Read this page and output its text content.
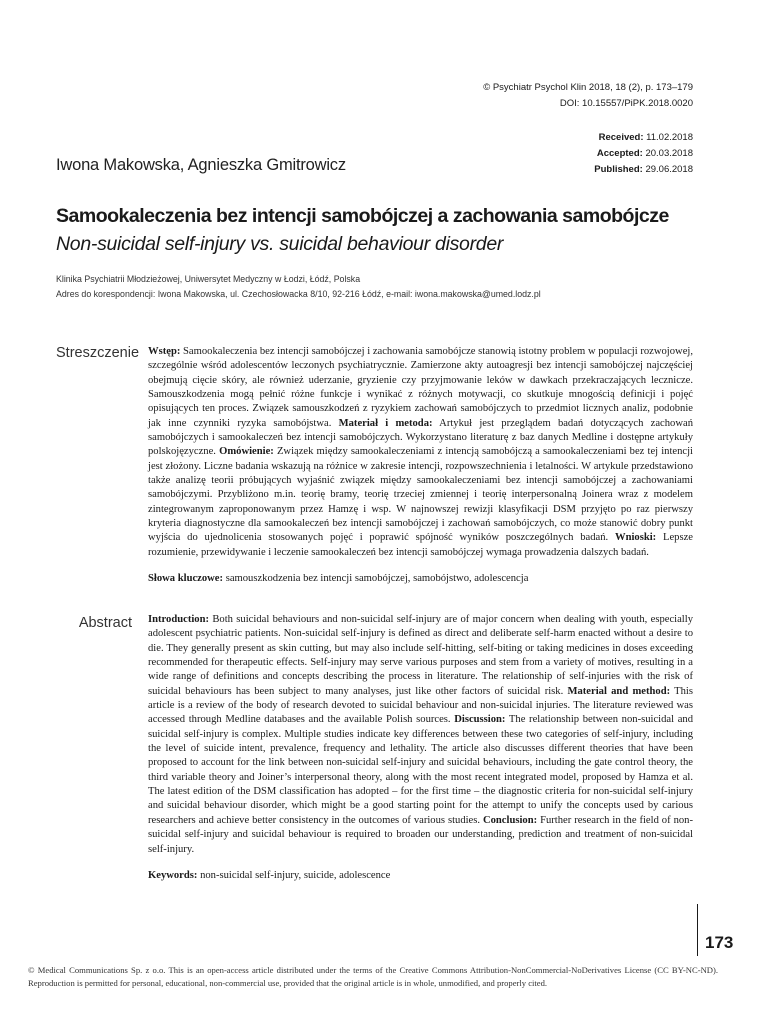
© Psychiatr Psychol Klin 2018, 18 (2), p. 173–179
DOI: 10.15557/PiPK.2018.0020
Received: 11.02.2018
Accepted: 20.03.2018
Published: 29.06.2018
Iwona Makowska, Agnieszka Gmitrowicz
Samookaleczenia bez intencji samobójczej a zachowania samobójcze
Non-suicidal self-injury vs. suicidal behaviour disorder
Klinika Psychiatrii Młodzieżowej, Uniwersytet Medyczny w Łodzi, Łódź, Polska
Adres do korespondencji: Iwona Makowska, ul. Czechosłowacka 8/10, 92-216 Łódź, e-mail: iwona.makowska@umed.lodz.pl
Streszczenie Wstęp: Samookaleczenia bez intencji samobójczej i zachowania samobójcze stanowią istotny problem w populacji rozwojowej, szczególnie wśród adolescentów leczonych psychiatrycznie. Zamierzone akty autoagresji bez intencji samobójczej najczęściej obejmują cięcie skóry, ale również uderzanie, gryzienie czy przyjmowanie leków w dawkach przekraczających lecznicze. Samouszkodzenia mogą pełnić różne funkcje i wynikać z różnych motywacji, co skutkuje mnogością definicji i pojęć opisujących ten proces. Związek samouszkodzeń z ryzykiem zachowań samobójczych to przedmiot licznych analiz, podobnie jak inne czynniki ryzyka samobójstwa. Materiał i metoda: Artykuł jest przeglądem badań dotyczących zachowań samobójczych i samookaleczeń bez intencji samobójczych. Wykorzystano literaturę z baz danych Medline i dostępne artykuły polskojęzyczne. Omówienie: Związek między samookaleczeniami z intencją samobójczą a samookaleczeniami bez tej intencji jest złożony. Liczne badania wskazują na różnice w zakresie intencji, rozpowszechnienia i letalności. W artykule przedstawiono także analizę teorii próbujących wyjaśnić związek między samookaleczeniami bez intencji samobójczej a zachowaniami samobójczymi. Przybliżono m.in. teorię bramy, teorię trzeciej zmiennej i teorię interpersonalną Joinera wraz z modelem zintegrowanym zaproponowanym przez Hamzę i wsp. W najnowszej rewizji klasyfikacji DSM przyjęto po raz pierwszy kryteria diagnostyczne dla samookaleczeń bez intencji samobójczej i zachowań samobójczych, co może stanowić dobry punkt wyjścia do ujednolicenia stosowanych pojęć i poprawić spójność wyników poszczególnych badań. Wnioski: Lepsze rozumienie, przewidywanie i leczenie samookaleczeń bez intencji samobójczej wymaga prowadzenia dalszych badań.
Słowa kluczowe: samouszkodzenia bez intencji samobójczej, samobójstwo, adolescencja
Abstract Introduction: Both suicidal behaviours and non-suicidal self-injury are of major concern when dealing with youth, especially adolescent psychiatric patients. Non-suicidal self-injury is defined as direct and deliberate self-harm enacted without a desire to die. They generally present as skin cutting, but may also include self-hitting, self-biting or taking medicines in doses exceeding recommended for therapeutic effects. Self-injury may serve various purposes and stem from a variety of motives, resulting in a wide range of definitions and concepts describing the process in literature. The relationship of self-injuries with the risk of suicidal behaviours has been subject to many analyses, just like other factors of suicidal risk. Material and method: This article is a review of the body of research devoted to suicidal behaviour and non-suicidal injuries. The literature reviewed was accessed through Medline databases and the available Polish sources. Discussion: The relationship between non-suicidal and suicidal self-injury is complex. Multiple studies indicate key differences between these two categories of self-injury, including the level of suicide intent, prevalence, frequency and lethality. The article also discusses different theories that have been proposed to account for the link between non-suicidal self-injury and suicidal behaviours, including the gate control theory, the third variable theory and Joiner’s interpersonal theory, along with the most recent integrated model, proposed by Hamza et al. The latest edition of the DSM classification has adopted – for the first time – the diagnostic criteria for non-suicidal self-injury and suicidal behaviour disorder, which might be a good starting point for the attempt to unify the concepts used by carious researchers and achieve better consistency in the outcomes of various studies. Conclusion: Further research in the field of non-suicidal self-injury and suicidal behaviour is required to broaden our understanding, prediction and treatment of non-suicidal self-injury.
Keywords: non-suicidal self-injury, suicide, adolescence
173
© Medical Communications Sp. z o.o. This is an open-access article distributed under the terms of the Creative Commons Attribution-NonCommercial-NoDerivatives License (CC BY-NC-ND). Reproduction is permitted for personal, educational, non-commercial use, provided that the original article is in whole, unmodified, and properly cited.
